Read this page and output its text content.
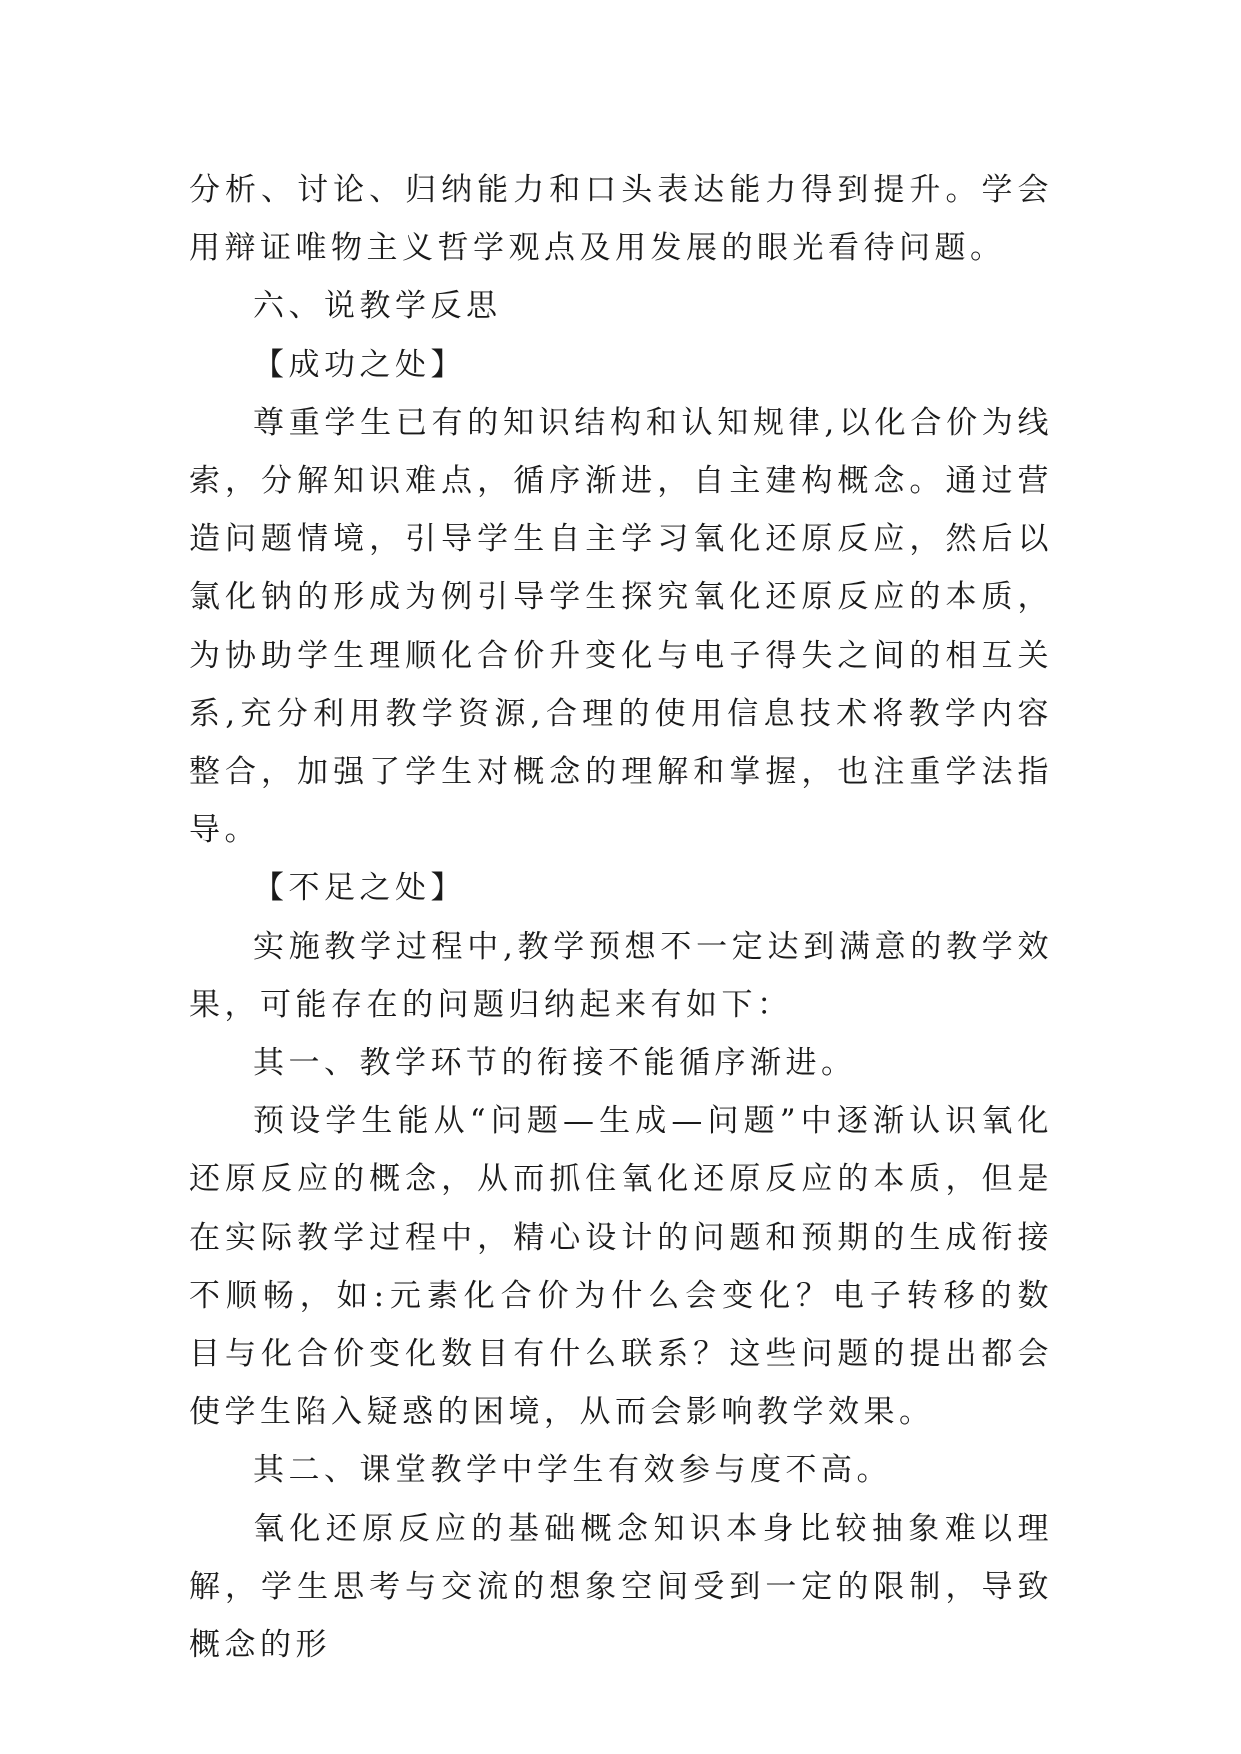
分析、讨论、归纳能力和口头表达能力得到提升。学会用辩证唯物主义哲学观点及用发展的眼光看待问题。

六、说教学反思
【成功之处】

尊重学生已有的知识结构和认知规律,以化合价为线索，分解知识难点，循序渐进，自主建构概念。通过营造问题情境，引导学生自主学习氧化还原反应，然后以氯化钠的形成为例引导学生探究氧化还原反应的本质，为协助学生理顺化合价升变化与电子得失之间的相互关系,充分利用教学资源,合理的使用信息技术将教学内容整合，加强了学生对概念的理解和掌握，也注重学法指导。

【不足之处】

实施教学过程中,教学预想不一定达到满意的教学效果，可能存在的问题归纳起来有如下：

其一、教学环节的衔接不能循序渐进。

预设学生能从“问题—生成—问题”中逐渐认识氧化还原反应的概念，从而抓住氧化还原反应的本质，但是在实际教学过程中，精心设计的问题和预期的生成衔接不顺畅，如:元素化合价为什么会变化？电子转移的数目与化合价变化数目有什么联系？这些问题的提出都会使学生陷入疑惑的困境，从而会影响教学效果。

其二、课堂教学中学生有效参与度不高。

氧化还原反应的基础概念知识本身比较抽象难以理解，学生思考与交流的想象空间受到一定的限制，导致概念的形
